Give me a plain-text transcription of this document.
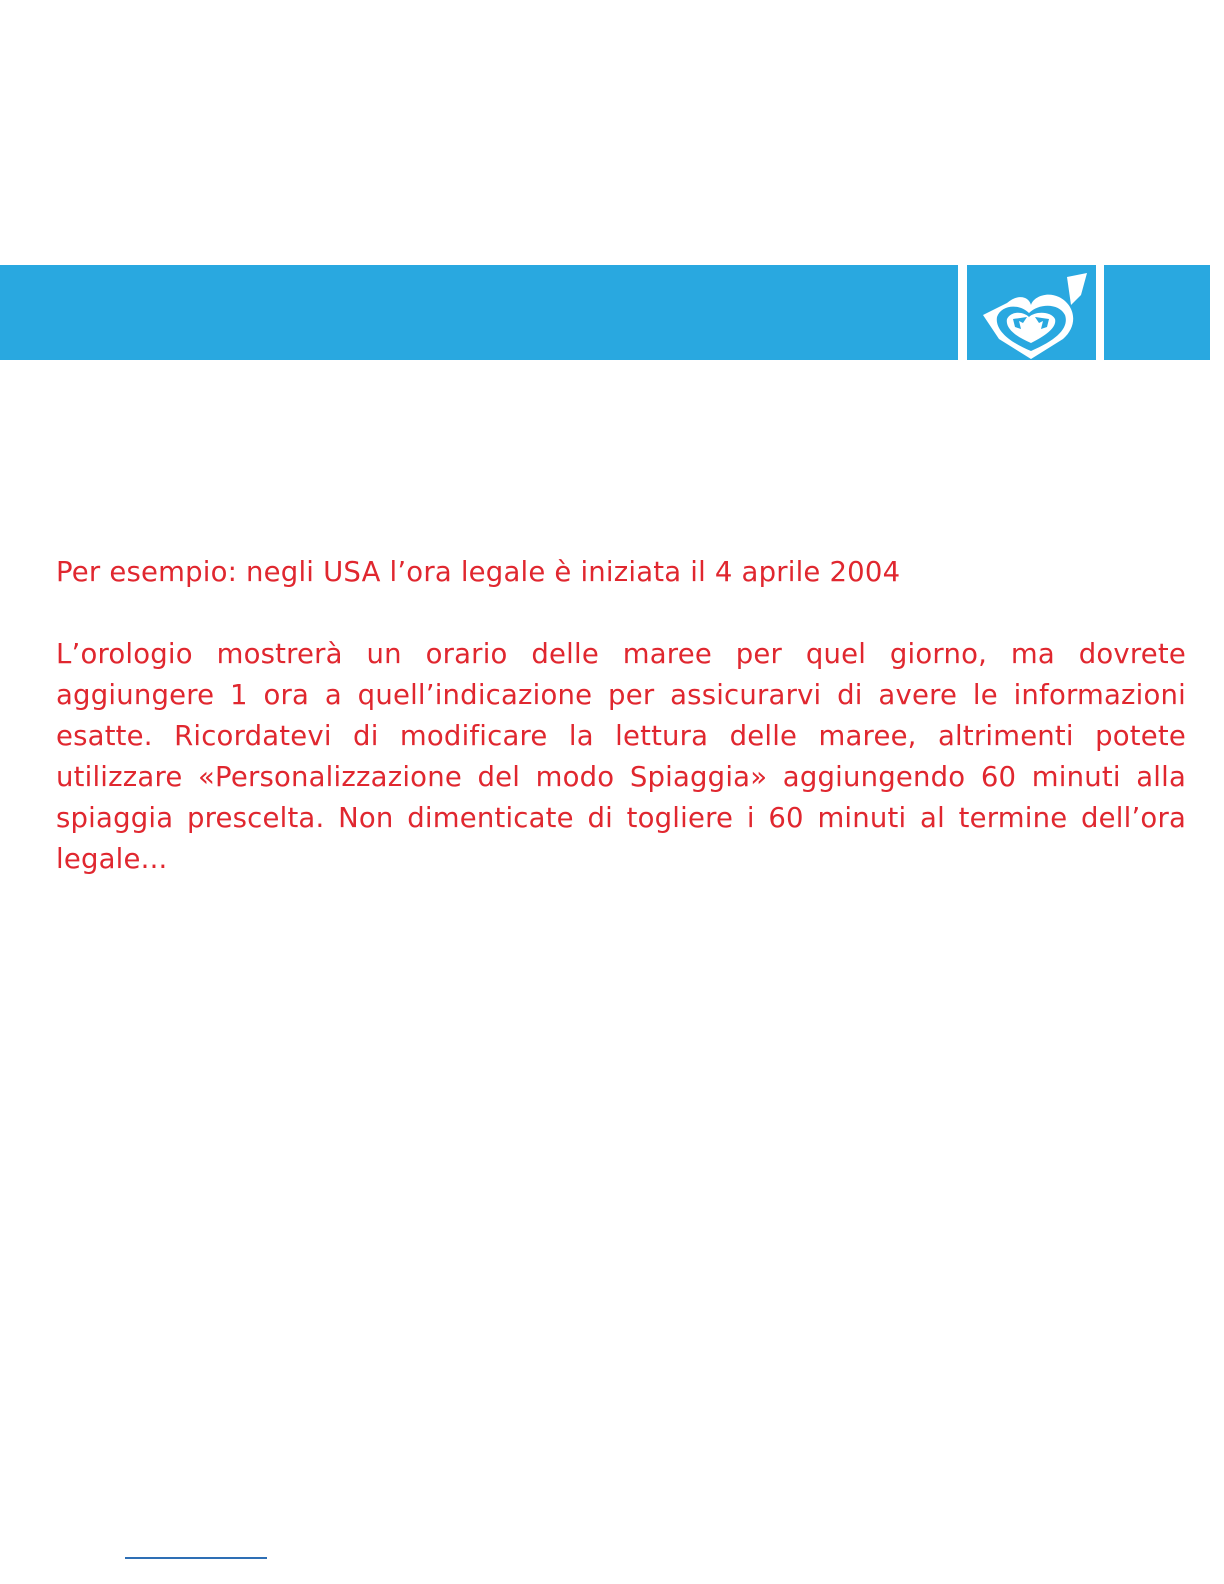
Per esempio: negli USA l’ora legale è iniziata il 4 aprile 2004

L’orologio mostrerà un orario delle maree per quel giorno, ma dovrete aggiungere 1 ora a quell’indicazione per assicurarvi di avere le informazioni esatte. Ricordatevi di modificare la lettura delle maree, altrimenti potete utilizzare «Personalizzazione del modo Spiaggia» aggiungendo 60 minuti alla spiaggia prescelta. Non dimenticate di togliere i 60 minuti al termine dell’ora legale...
